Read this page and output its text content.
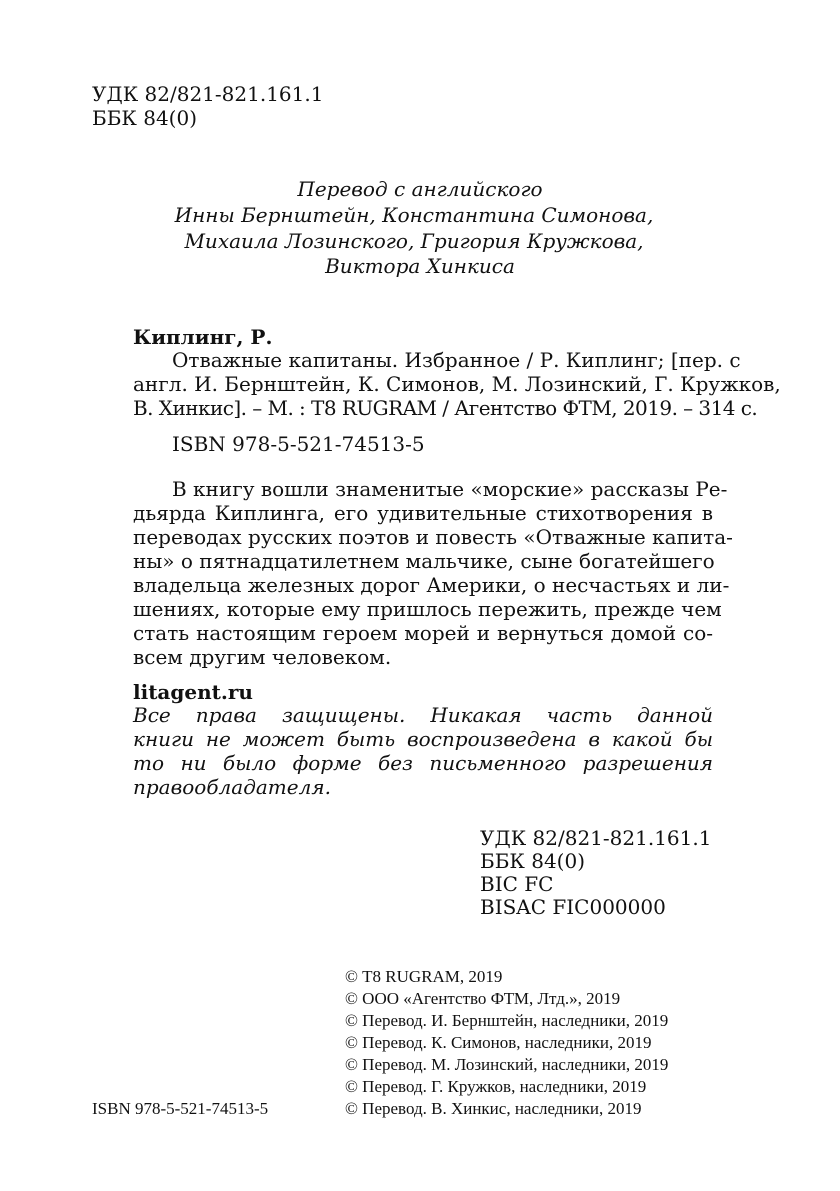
УДК 82/821-821.161.1
ББК 84(0)
Перевод с английского
Инны Бернштейн, Константина Симонова,
Михаила Лозинского, Григория Кружкова,
Виктора Хинкиса
Киплинг, Р.
Отважные капитаны. Избранное / Р. Киплинг; [пер. с
англ. И. Бернштейн, К. Симонов, М. Лозинский, Г. Кружков,
В. Хинкис]. – М. : Т8 RUGRAM / Агентство ФТМ, 2019. – 314 с.
ISBN 978-5-521-74513-5
В книгу вошли знаменитые «морские» рассказы Ре-
дьярда Киплинга, его удивительные стихотворения в
переводах русских поэтов и повесть «Отважные капита-
ны» о пятнадцатилетнем мальчике, сыне богатейшего
владельца железных дорог Америки, о несчастьях и ли-
шениях, которые ему пришлось пережить, прежде чем
стать настоящим героем морей и вернуться домой со-
всем другим человеком.
litagent.ru
Все права защищены. Никакая часть данной
книги не может быть воспроизведена в какой бы
то ни было форме без письменного разрешения
правообладателя.
УДК 82/821-821.161.1
ББК 84(0)
BIC FC
BISAC FIC000000
© Т8 RUGRAM, 2019
© ООО «Агентство ФТМ, Лтд.», 2019
© Перевод. И. Бернштейн, наследники, 2019
© Перевод. К. Симонов, наследники, 2019
© Перевод. М. Лозинский, наследники, 2019
© Перевод. Г. Кружков, наследники, 2019
© Перевод. В. Хинкис, наследники, 2019
ISBN 978-5-521-74513-5
